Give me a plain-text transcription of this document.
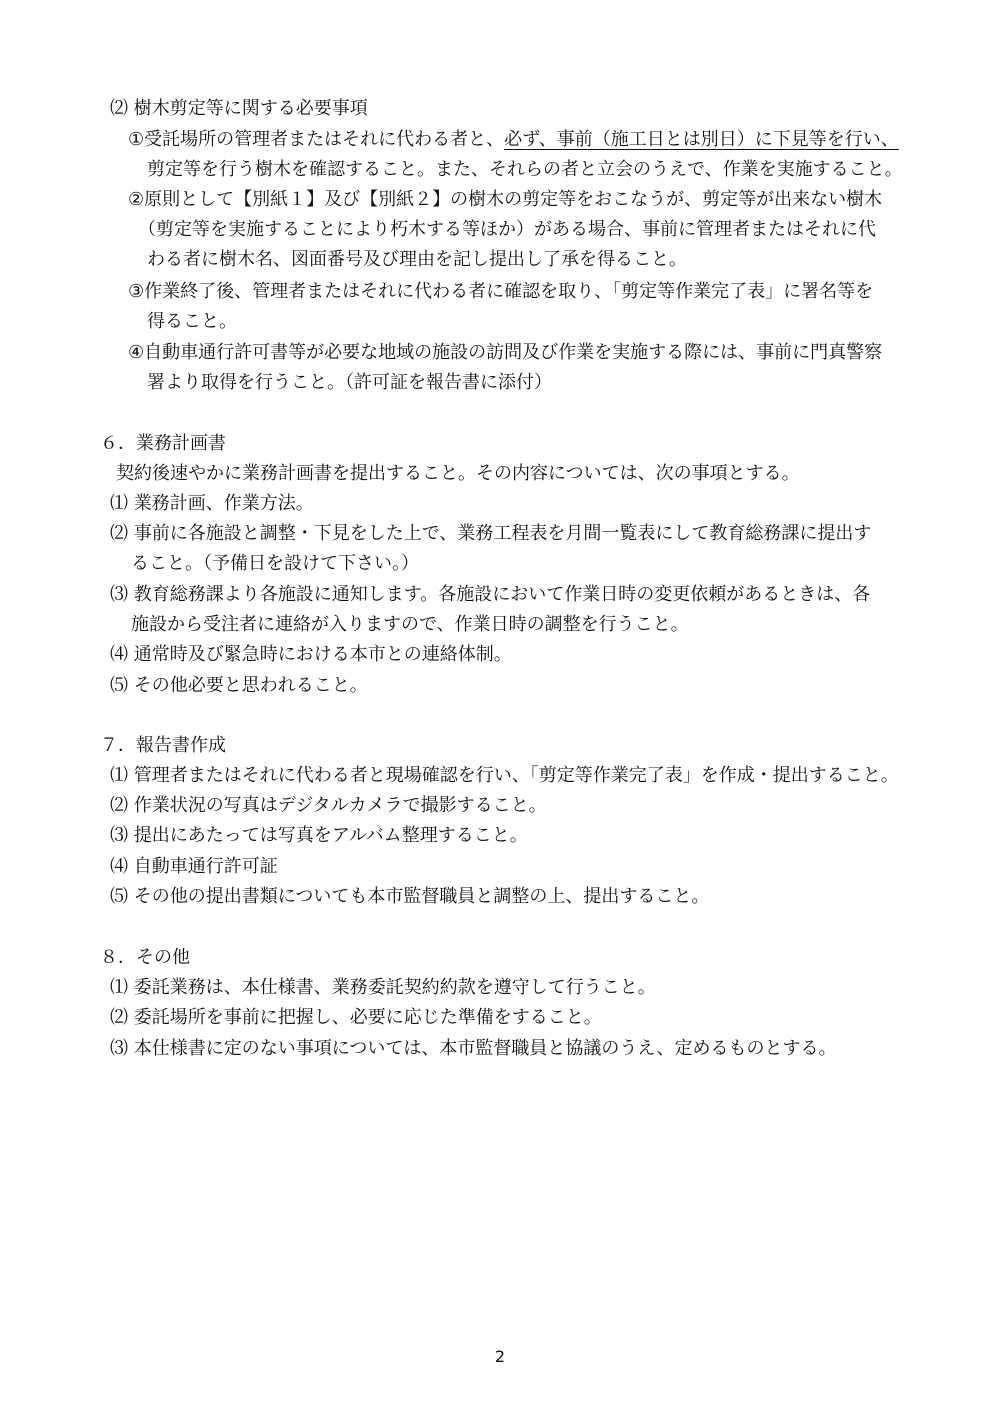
⑵ 樹木剪定等に関する必要事項
①受託場所の管理者またはそれに代わる者と、必ず、事前（施工日とは別日）に下見等を行い、
剪定等を行う樹木を確認すること。また、それらの者と立会のうえで、作業を実施すること。
②原則として【別紙１】及び【別紙２】の樹木の剪定等をおこなうが、剪定等が出来ない樹木
（剪定等を実施することにより朽木する等ほか）がある場合、事前に管理者またはそれに代
わる者に樹木名、図面番号及び理由を記し提出し了承を得ること。
③作業終了後、管理者またはそれに代わる者に確認を取り、「剪定等作業完了表」に署名等を
得ること。
④自動車通行許可書等が必要な地域の施設の訪問及び作業を実施する際には、事前に門真警察
署より取得を行うこと。（許可証を報告書に添付）
６．業務計画書
契約後速やかに業務計画書を提出すること。その内容については、次の事項とする。
⑴ 業務計画、作業方法。
⑵ 事前に各施設と調整・下見をした上で、業務工程表を月間一覧表にして教育総務課に提出す
ること。（予備日を設けて下さい。）
⑶ 教育総務課より各施設に通知します。各施設において作業日時の変更依頼があるときは、各
施設から受注者に連絡が入りますので、作業日時の調整を行うこと。
⑷ 通常時及び緊急時における本市との連絡体制。
⑸ その他必要と思われること。
７．報告書作成
⑴ 管理者またはそれに代わる者と現場確認を行い、「剪定等作業完了表」を作成・提出すること。
⑵ 作業状況の写真はデジタルカメラで撮影すること。
⑶ 提出にあたっては写真をアルバム整理すること。
⑷ 自動車通行許可証
⑸ その他の提出書類についても本市監督職員と調整の上、提出すること。
８．その他
⑴ 委託業務は、本仕様書、業務委託契約約款を遵守して行うこと。
⑵ 委託場所を事前に把握し、必要に応じた準備をすること。
⑶ 本仕様書に定のない事項については、本市監督職員と協議のうえ、定めるものとする。
2
